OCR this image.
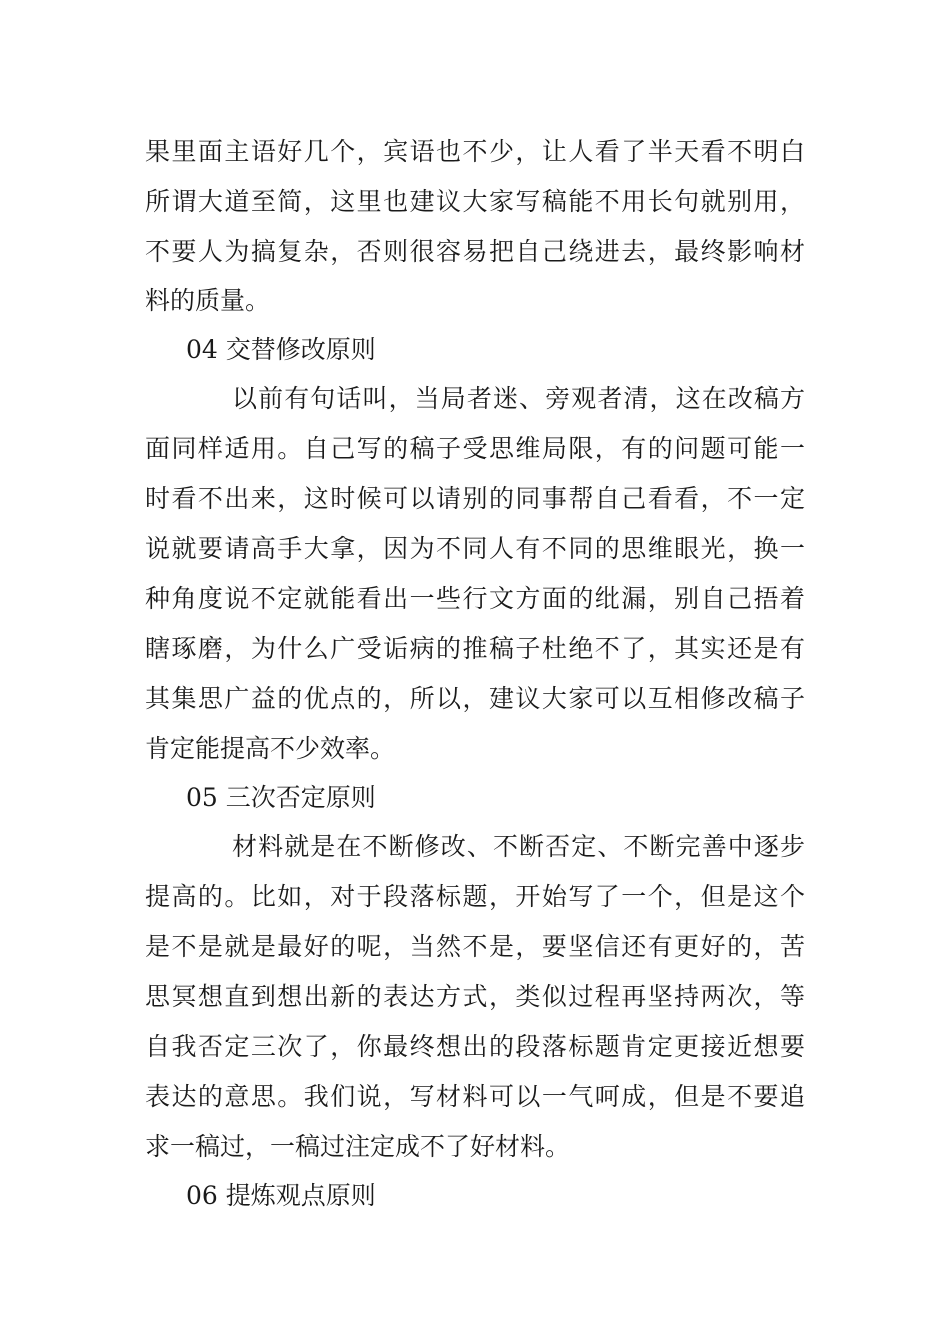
果里面主语好几个，宾语也不少，让人看了半天看不明白
所谓大道至简，这里也建议大家写稿能不用长句就别用，
不要人为搞复杂，否则很容易把自己绕进去，最终影响材
料的质量。
04 交替修改原则
以前有句话叫，当局者迷、旁观者清，这在改稿方
面同样适用。自己写的稿子受思维局限，有的问题可能一
时看不出来，这时候可以请别的同事帮自己看看，不一定
说就要请高手大拿，因为不同人有不同的思维眼光，换一
种角度说不定就能看出一些行文方面的纰漏，别自己捂着
瞎琢磨，为什么广受诟病的推稿子杜绝不了，其实还是有
其集思广益的优点的，所以，建议大家可以互相修改稿子
肯定能提高不少效率。
05 三次否定原则
材料就是在不断修改、不断否定、不断完善中逐步
提高的。比如，对于段落标题，开始写了一个，但是这个
是不是就是最好的呢，当然不是，要坚信还有更好的，苦
思冥想直到想出新的表达方式，类似过程再坚持两次，等
自我否定三次了，你最终想出的段落标题肯定更接近想要
表达的意思。我们说，写材料可以一气呵成，但是不要追
求一稿过，一稿过注定成不了好材料。
06 提炼观点原则
